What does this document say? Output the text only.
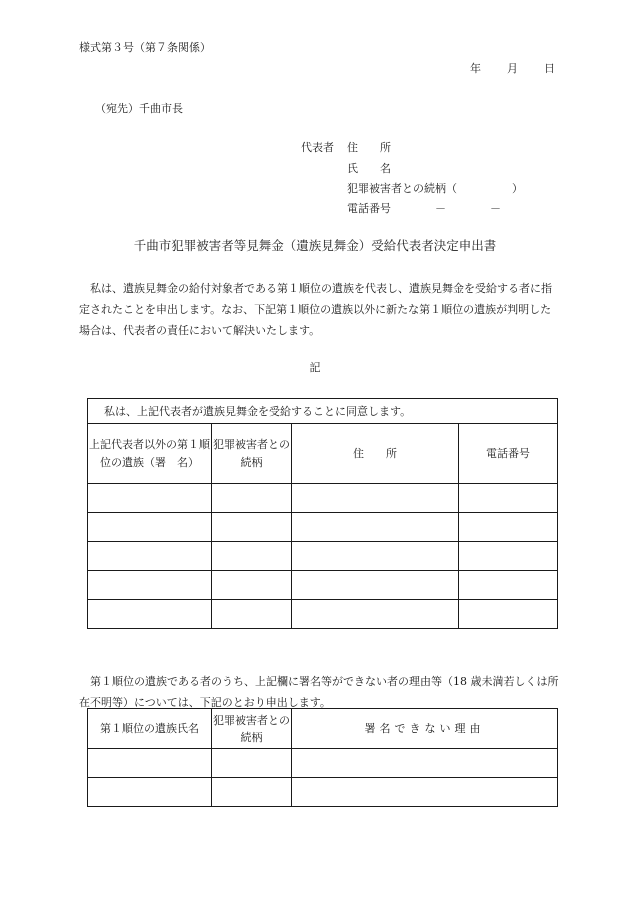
様式第３号（第７条関係）
年 月 日
（宛先）千曲市長
代表者 住　　所
氏　　名
犯罪被害者との続柄（　　　　　）
電話番号　　　　－　　　　－
千曲市犯罪被害者等見舞金（遺族見舞金）受給代表者決定申出書
私は、遺族見舞金の給付対象者である第１順位の遺族を代表し、遺族見舞金を受給する者に指定されたことを申出します。なお、下記第１順位の遺族以外に新たな第１順位の遺族が判明した場合は、代表者の責任において解決いたします。
記
私は、上記代表者が遺族見舞金を受給することに同意します。			
上記代表者以外の第１順位の遺族（署　名）	犯罪被害者との続柄	住　　所	電話番号

第１順位の遺族である者のうち、上記欄に署名等ができない者の理由等（18 歳未満若しくは所在不明等）については、下記のとおり申出します。
第１順位の遺族氏名	犯罪被害者との続柄	署名できない理由
